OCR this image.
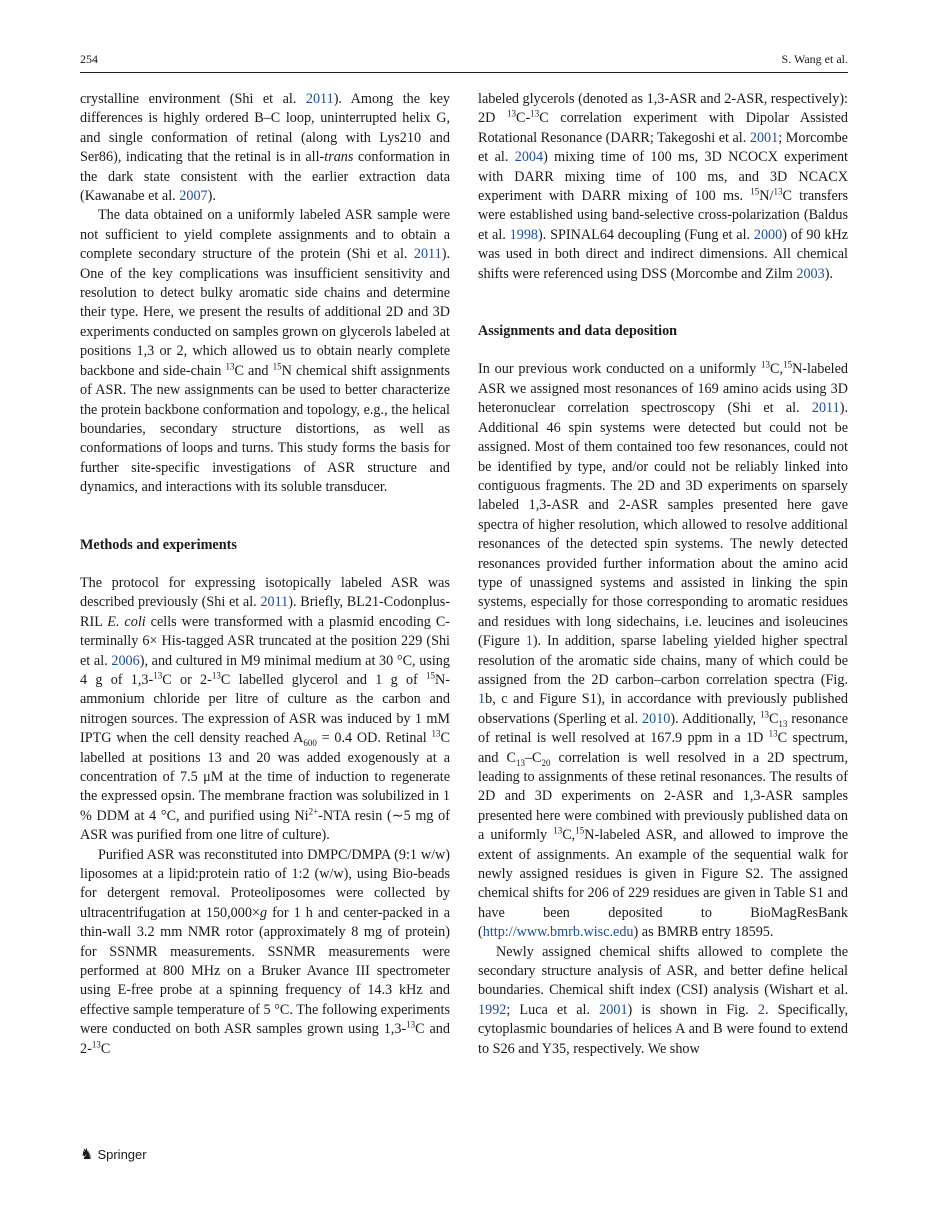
254	S. Wang et al.

crystalline environment (Shi et al. 2011). Among the key differences is highly ordered B–C loop, uninterrupted helix G, and single conformation of retinal (along with Lys210 and Ser86), indicating that the retinal is in all-trans conformation in the dark state consistent with the earlier extraction data (Kawanabe et al. 2007).

The data obtained on a uniformly labeled ASR sample were not sufficient to yield complete assignments and to obtain a complete secondary structure of the protein (Shi et al. 2011). One of the key complications was insufficient sensitivity and resolution to detect bulky aromatic side chains and determine their type. Here, we present the results of additional 2D and 3D experiments conducted on samples grown on glycerols labeled at positions 1,3 or 2, which allowed us to obtain nearly complete backbone and side-chain $^{13}$C and $^{15}$N chemical shift assignments of ASR. The new assignments can be used to better characterize the protein backbone conformation and topology, e.g., the helical boundaries, secondary structure distortions, as well as conformations of loops and turns. This study forms the basis for further site-specific investigations of ASR structure and dynamics, and interactions with its soluble transducer.

Methods and experiments

The protocol for expressing isotopically labeled ASR was described previously (Shi et al. 2011). Briefly, BL21-Codonplus-RIL E. coli cells were transformed with a plasmid encoding C-terminally 6× His-tagged ASR truncated at the position 229 (Shi et al. 2006), and cultured in M9 minimal medium at 30 °C, using 4 g of 1,3-$^{13}$C or 2-$^{13}$C labelled glycerol and 1 g of $^{15}$N-ammonium chloride per litre of culture as the carbon and nitrogen sources. The expression of ASR was induced by 1 mM IPTG when the cell density reached $A_{600} = 0.4$ OD. Retinal $^{13}$C labelled at positions 13 and 20 was added exogenously at a concentration of 7.5 μM at the time of induction to regenerate the expressed opsin. The membrane fraction was solubilized in 1 % DDM at 4 °C, and purified using $Ni^{2+}$-NTA resin (∼5 mg of ASR was purified from one litre of culture).

Purified ASR was reconstituted into DMPC/DMPA (9:1 w/w) liposomes at a lipid:protein ratio of 1:2 (w/w), using Bio-beads for detergent removal. Proteoliposomes were collected by ultracentrifugation at 150,000×g for 1 h and center-packed in a thin-wall 3.2 mm NMR rotor (approximately 8 mg of protein) for SSNMR measurements. SSNMR measurements were performed at 800 MHz on a Bruker Avance III spectrometer using E-free probe at a spinning frequency of 14.3 kHz and effective sample temperature of 5 °C. The following experiments were conducted on both ASR samples grown using 1,3-$^{13}$C and 2-$^{13}$C

labeled glycerols (denoted as 1,3-ASR and 2-ASR, respectively): 2D $^{13}$C-$^{13}$C correlation experiment with Dipolar Assisted Rotational Resonance (DARR; Takegoshi et al. 2001; Morcombe et al. 2004) mixing time of 100 ms, 3D NCOCX experiment with DARR mixing time of 100 ms, and 3D NCACX experiment with DARR mixing of 100 ms. $^{15}$N/$^{13}$C transfers were established using band-selective cross-polarization (Baldus et al. 1998). SPINAL64 decoupling (Fung et al. 2000) of 90 kHz was used in both direct and indirect dimensions. All chemical shifts were referenced using DSS (Morcombe and Zilm 2003).

Assignments and data deposition

In our previous work conducted on a uniformly $^{13}$C,$^{15}$N-labeled ASR we assigned most resonances of 169 amino acids using 3D heteronuclear correlation spectroscopy (Shi et al. 2011). Additional 46 spin systems were detected but could not be assigned. Most of them contained too few resonances, could not be identified by type, and/or could not be reliably linked into contiguous fragments. The 2D and 3D experiments on sparsely labeled 1,3-ASR and 2-ASR samples presented here gave spectra of higher resolution, which allowed to resolve additional resonances of the detected spin systems. The newly detected resonances provided further information about the amino acid type of unassigned systems and assisted in linking the spin systems, especially for those corresponding to aromatic residues and residues with long sidechains, i.e. leucines and isoleucines (Figure 1). In addition, sparse labeling yielded higher spectral resolution of the aromatic side chains, many of which could be assigned from the 2D carbon–carbon correlation spectra (Fig. 1b, c and Figure S1), in accordance with previously published observations (Sperling et al. 2010). Additionally, $^{13}C_{13}$ resonance of retinal is well resolved at 167.9 ppm in a 1D $^{13}$C spectrum, and $C_{13}-C_{20}$ correlation is well resolved in a 2D spectrum, leading to assignments of these retinal resonances. The results of 2D and 3D experiments on 2-ASR and 1,3-ASR samples presented here were combined with previously published data on a uniformly $^{13}$C,$^{15}$N-labeled ASR, and allowed to improve the extent of assignments. An example of the sequential walk for newly assigned residues is given in Figure S2. The assigned chemical shifts for 206 of 229 residues are given in Table S1 and have been deposited to BioMagResBank (http://www.bmrb.wisc.edu) as BMRB entry 18595.

Newly assigned chemical shifts allowed to complete the secondary structure analysis of ASR, and better define helical boundaries. Chemical shift index (CSI) analysis (Wishart et al. 1992; Luca et al. 2001) is shown in Fig. 2. Specifically, cytoplasmic boundaries of helices A and B were found to extend to S26 and Y35, respectively. We show

♞ Springer
